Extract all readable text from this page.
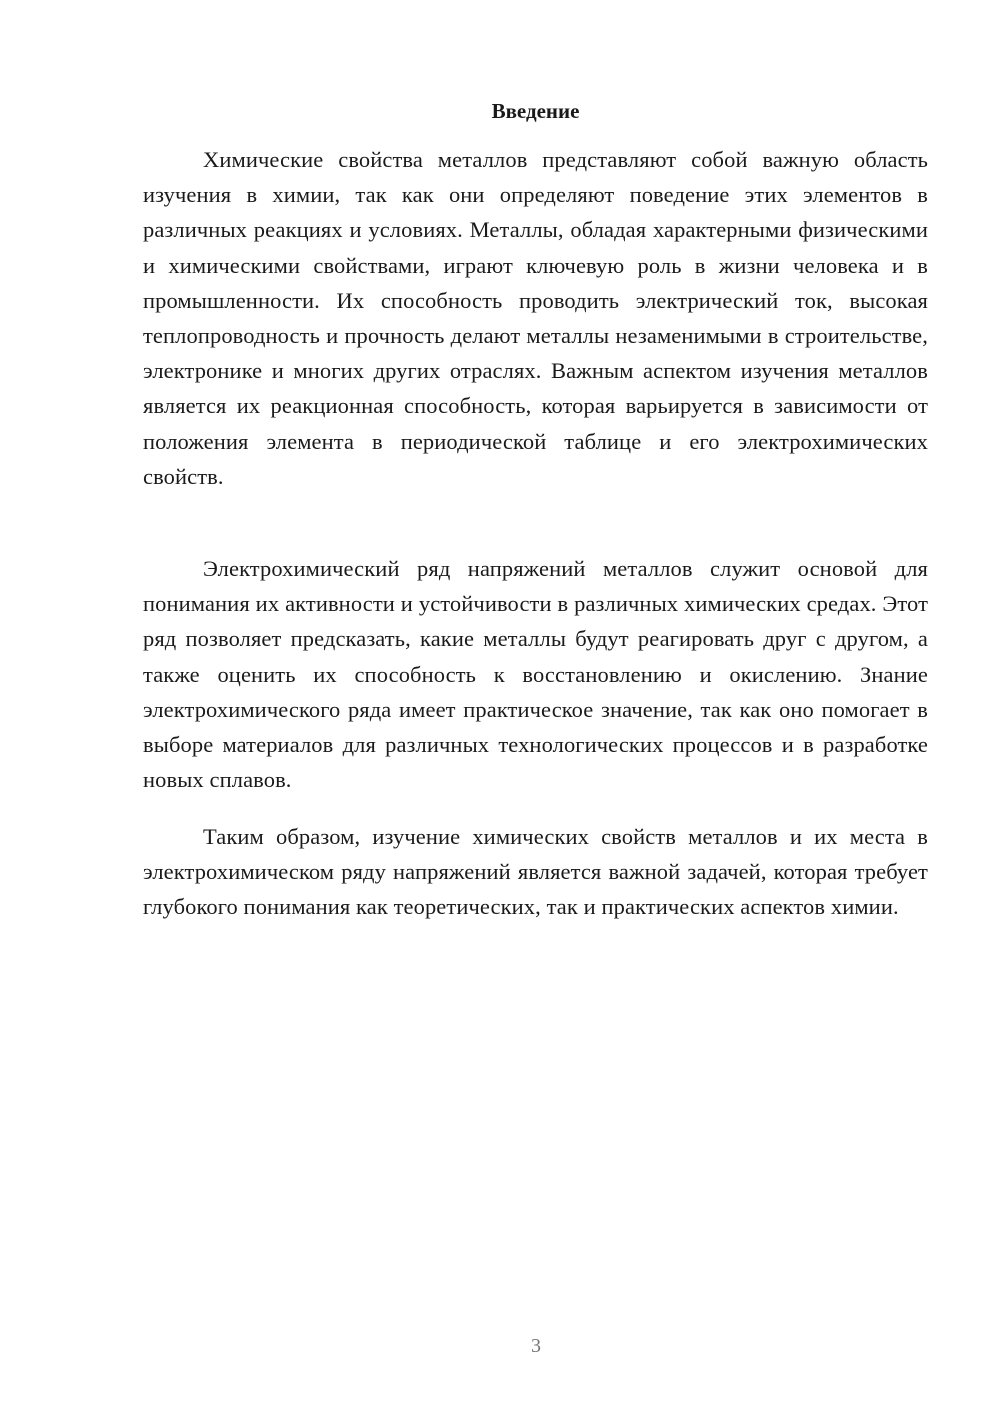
Введение

Химические свойства металлов представляют собой важную область изучения в химии, так как они определяют поведение этих элементов в различных реакциях и условиях. Металлы, обладая характерными физическими и химическими свойствами, играют ключевую роль в жизни человека и в промышленности. Их способность проводить электрический ток, высокая теплопроводность и прочность делают металлы незаменимыми в строительстве, электронике и многих других отраслях. Важным аспектом изучения металлов является их реакционная способность, которая варьируется в зависимости от положения элемента в периодической таблице и его электрохимических свойств.

Электрохимический ряд напряжений металлов служит основой для понимания их активности и устойчивости в различных химических средах. Этот ряд позволяет предсказать, какие металлы будут реагировать друг с другом, а также оценить их способность к восстановлению и окислению. Знание электрохимического ряда имеет практическое значение, так как оно помогает в выборе материалов для различных технологических процессов и в разработке новых сплавов.

Таким образом, изучение химических свойств металлов и их места в электрохимическом ряду напряжений является важной задачей, которая требует глубокого понимания как теоретических, так и практических аспектов химии.

3
